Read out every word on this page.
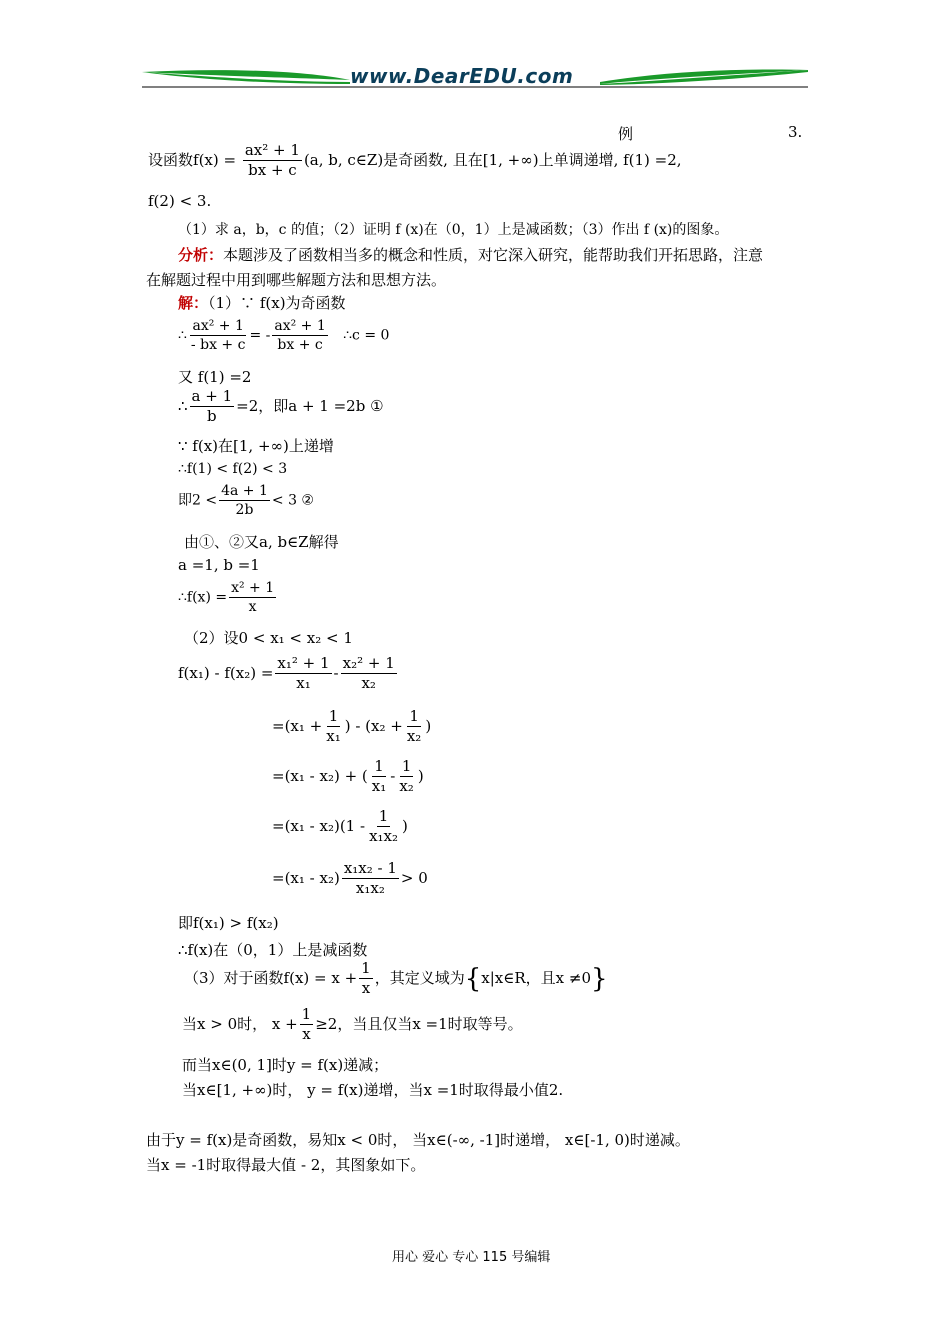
www.DearEDU.com
例	3.
设函数$f(x) = \frac{\text{ax² + 1}}{bx + c} (a$, b, c∈Z)是奇函数, 且在[1, +∞)上单调递增, f(1) =2,
f(2) < 3.
（1）求 a，b，c 的值；（2）证明 f (x)在（0，1）上是减函数；（3）作出 f (x)的图象。
分析：本题涉及了函数相当多的概念和性质，对它深入研究，能帮助我们开拓思路，注意
在解题过程中用到哪些解题方法和思想方法。
解：（1）∵ f(x)为奇函数
∴ $\frac{\text{ax² + 1}}{- bx + c}$ = - $\frac{\text{ax² + 1}}{bx + c}$ ∴c = 0
又 f(1) =2
∴ $\frac{a + 1}{b} =2$，即a + 1 =2b ①
∵ f(x)在[1, +∞)上递增
∴f(1) < f(2) < 3
即$2 < \frac{4a + 1}{2b} < 3$ ②
由①、②又a, b∈Z解得
a =1, b =1
∴f(x) = $\frac{\text{x² + 1}}{x}$
（2）设0 < x₁ < x₂ < 1
$f(x_1) - f(x_2) = \frac{\text{x₁² + 1}}{\text{x₁}} - \frac{\text{x₂² + 1}}{\text{x₂}}$
$=(x_1 + \frac{1}{\text{x₁}}$ ) - ($x_2 + \frac{1}{\text{x₂}}$ )
=(x₁ - x₂) + ( $\frac{1}{\text{x₁}} - \frac{1}{\text{x₂}}$ )
$=(x_1 - x_2)(1 - \frac{1}{\text{x₁x₂}}$ )
$=(x_1 - x_2) \frac{\text{x₁x₂ - 1}}{\text{x₁x₂}} > 0$
即f(x₁) > f(x₂)
∴f(x)在（0，1）上是减函数
（3）对于函数$f(x) = x + \frac{1}{x}$ ，其定义域为{x|x∈R，且x ≠0}
当x > 0时， $x + \frac{1}{x} \ge 2$，当且仅当x =1时取等号。
而当x∈(0, 1]时y = f(x)递减；
当x∈[1, +∞)时， y = f(x)递增，当x =1时取得最小值2.
由于y = f(x)是奇函数，易知x < 0时， 当x∈(-∞, -1]时递增， x∈[-1, 0)时递减。
当x = -1时取得最大值 - 2，其图象如下。
用心 爱心 专心 115 号编辑
